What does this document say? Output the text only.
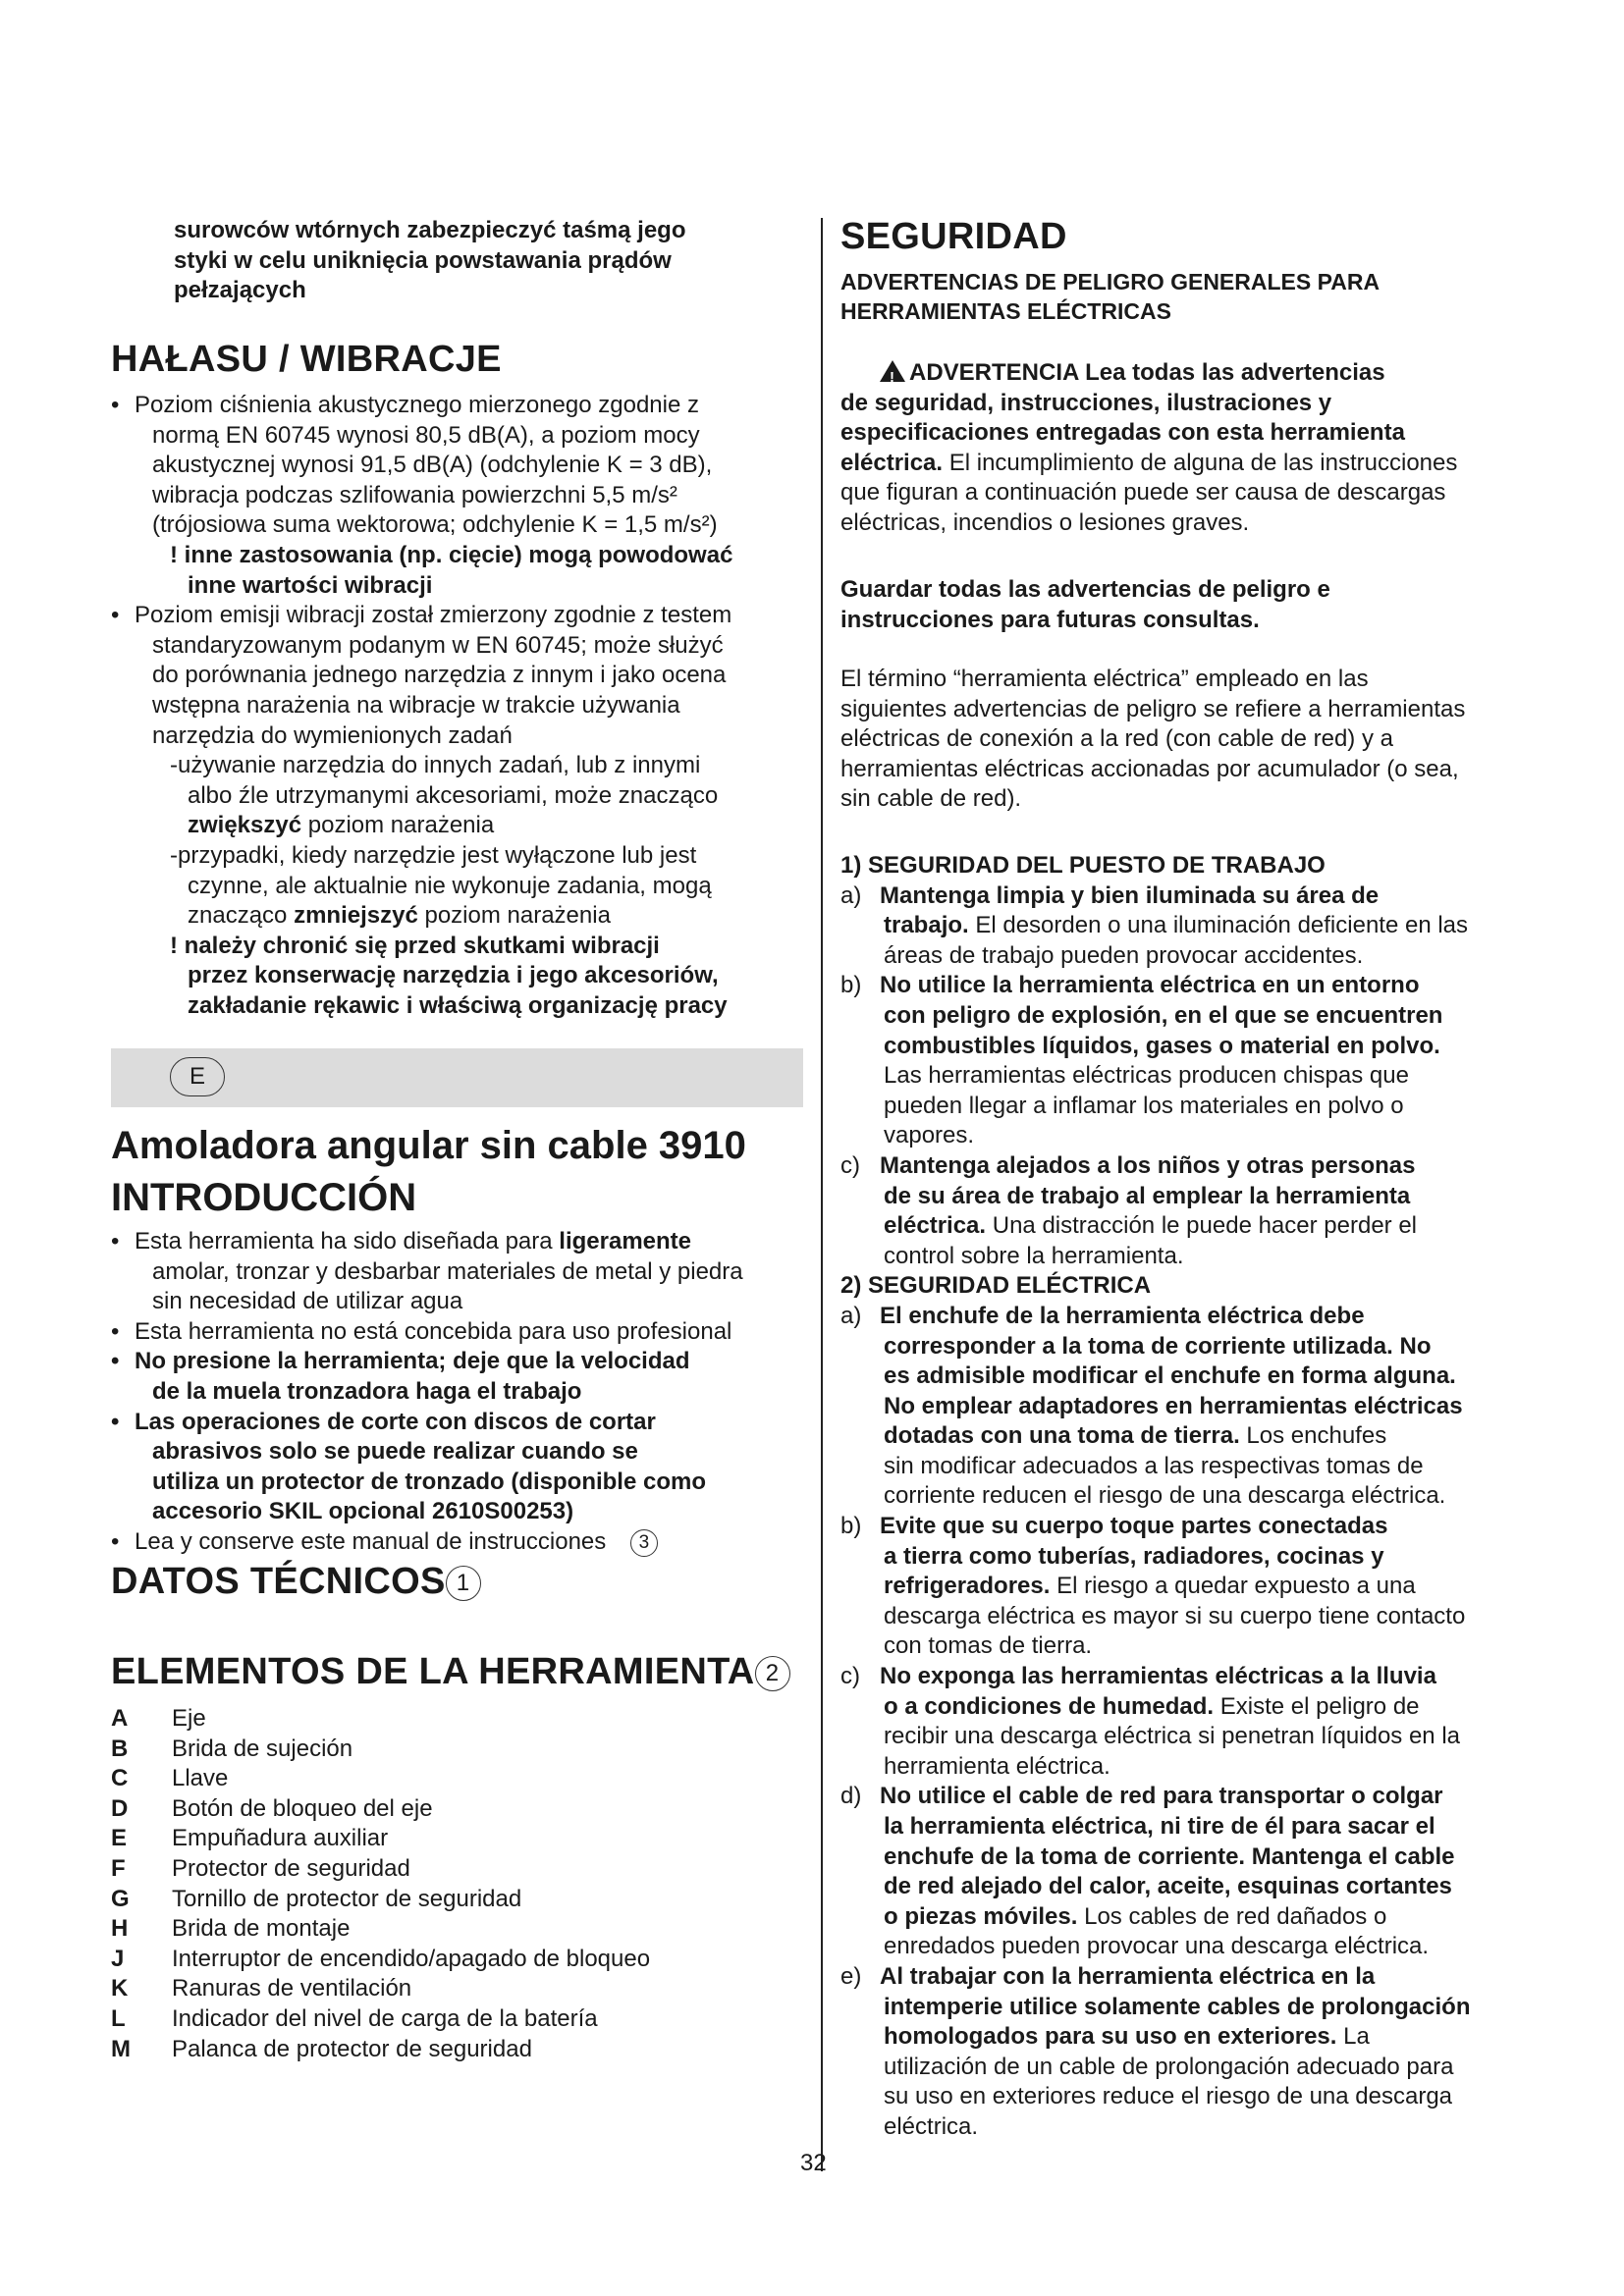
surowców wtórnych zabezpieczyć taśmą jego
styki w celu uniknięcia powstawania prądów
pełzających
HAŁASU / WIBRACJE
• Poziom ciśnienia akustycznego mierzonego zgodnie z
normą EN 60745 wynosi 80,5 dB(A), a poziom mocy
akustycznej wynosi 91,5 dB(A) (odchylenie K = 3 dB),
wibracja podczas szlifowania powierzchni 5,5 m/s²
(trójosiowa suma wektorowa; odchylenie K = 1,5 m/s²)
! inne zastosowania (np. cięcie) mogą powodować
inne wartości wibracji
• Poziom emisji wibracji został zmierzony zgodnie z testem
standaryzowanym podanym w EN 60745; może służyć
do porównania jednego narzędzia z innym i jako ocena
wstępna narażenia na wibracje w trakcie używania
narzędzia do wymienionych zadań
-używanie narzędzia do innych zadań, lub z innymi
albo źle utrzymanymi akcesoriami, może znacząco
zwiększyć poziom narażenia
-przypadki, kiedy narzędzie jest wyłączone lub jest
czynne, ale aktualnie nie wykonuje zadania, mogą
znacząco zmniejszyć poziom narażenia
! należy chronić się przed skutkami wibracji
przez konserwację narzędzia i jego akcesoriów,
zakładanie rękawic i właściwą organizację pracy
E
Amoladora angular sin cable 3910
INTRODUCCIÓN
• Esta herramienta ha sido diseñada para ligeramente
amolar, tronzar y desbarbar materiales de metal y piedra
sin necesidad de utilizar agua
• Esta herramienta no está concebida para uso profesional
• No presione la herramienta; deje que la velocidad
de la muela tronzadora haga el trabajo
• Las operaciones de corte con discos de cortar
abrasivos solo se puede realizar cuando se
utiliza un protector de tronzado (disponible como
accesorio SKIL opcional 2610S00253)
• Lea y conserve este manual de instrucciones 3
DATOS TÉCNICOS 1
ELEMENTOS DE LA HERRAMIENTA 2
A	Eje
B	Brida de sujeción
C	Llave
D	Botón de bloqueo del eje
E	Empuñadura auxiliar
F	Protector de seguridad
G	Tornillo de protector de seguridad
H	Brida de montaje
J	Interruptor de encendido/apagado de bloqueo
K	Ranuras de ventilación
L	Indicador del nivel de carga de la batería
M	Palanca de protector de seguridad
SEGURIDAD
ADVERTENCIAS DE PELIGRO GENERALES PARA
HERRAMIENTAS ELÉCTRICAS
!ADVERTENCIA Lea todas las advertencias
de seguridad, instrucciones, ilustraciones y
especificaciones entregadas con esta herramienta
eléctrica. El incumplimiento de alguna de las instrucciones
que figuran a continuación puede ser causa de descargas
eléctricas, incendios o lesiones graves.
Guardar todas las advertencias de peligro e
instrucciones para futuras consultas.
El término “herramienta eléctrica” empleado en las
siguientes advertencias de peligro se refiere a herramientas
eléctricas de conexión a la red (con cable de red) y a
herramientas eléctricas accionadas por acumulador (o sea,
sin cable de red).
1) SEGURIDAD DEL PUESTO DE TRABAJO
a) Mantenga limpia y bien iluminada su área de
trabajo. El desorden o una iluminación deficiente en las
áreas de trabajo pueden provocar accidentes.
b) No utilice la herramienta eléctrica en un entorno
con peligro de explosión, en el que se encuentren
combustibles líquidos, gases o material en polvo.
Las herramientas eléctricas producen chispas que
pueden llegar a inflamar los materiales en polvo o
vapores.
c) Mantenga alejados a los niños y otras personas
de su área de trabajo al emplear la herramienta
eléctrica. Una distracción le puede hacer perder el
control sobre la herramienta.
2) SEGURIDAD ELÉCTRICA
a) El enchufe de la herramienta eléctrica debe
corresponder a la toma de corriente utilizada. No
es admisible modificar el enchufe en forma alguna.
No emplear adaptadores en herramientas eléctricas
dotadas con una toma de tierra. Los enchufes
sin modificar adecuados a las respectivas tomas de
corriente reducen el riesgo de una descarga eléctrica.
b) Evite que su cuerpo toque partes conectadas
a tierra como tuberías, radiadores, cocinas y
refrigeradores. El riesgo a quedar expuesto a una
descarga eléctrica es mayor si su cuerpo tiene contacto
con tomas de tierra.
c) No exponga las herramientas eléctricas a la lluvia
o a condiciones de humedad. Existe el peligro de
recibir una descarga eléctrica si penetran líquidos en la
herramienta eléctrica.
d) No utilice el cable de red para transportar o colgar
la herramienta eléctrica, ni tire de él para sacar el
enchufe de la toma de corriente. Mantenga el cable
de red alejado del calor, aceite, esquinas cortantes
o piezas móviles. Los cables de red dañados o
enredados pueden provocar una descarga eléctrica.
e) Al trabajar con la herramienta eléctrica en la
intemperie utilice solamente cables de prolongación
homologados para su uso en exteriores. La
utilización de un cable de prolongación adecuado para
su uso en exteriores reduce el riesgo de una descarga
eléctrica.
32
